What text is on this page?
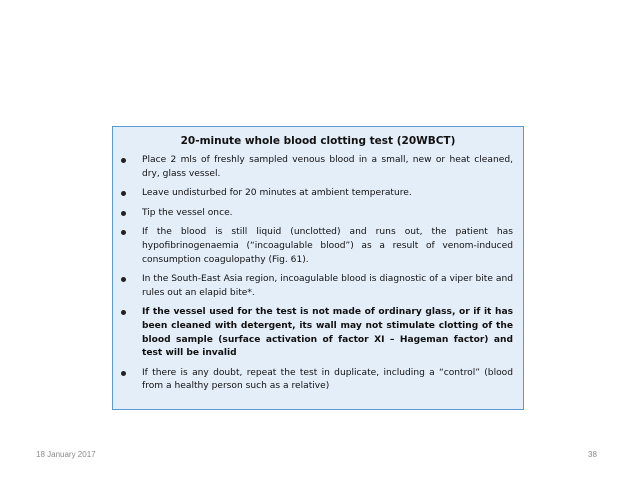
20-minute whole blood clotting test (20WBCT)
Place 2 mls of freshly sampled venous blood in a small, new or heat cleaned, dry, glass vessel.
Leave undisturbed for 20 minutes at ambient temperature.
Tip the vessel once.
If the blood is still liquid (unclotted) and runs out, the patient has hypofibrinogenaemia (“incoagulable blood”) as a result of venom-induced consumption coagulopathy (Fig. 61).
In the South-East Asia region, incoagulable blood is diagnostic of a viper bite and rules out an elapid bite*.
If the vessel used for the test is not made of ordinary glass, or if it has been cleaned with detergent, its wall may not stimulate clotting of the blood sample (surface activation of factor XI – Hageman factor) and test will be invalid
If there is any doubt, repeat the test in duplicate, including a “control” (blood from a healthy person such as a relative)
18 January 2017	38
